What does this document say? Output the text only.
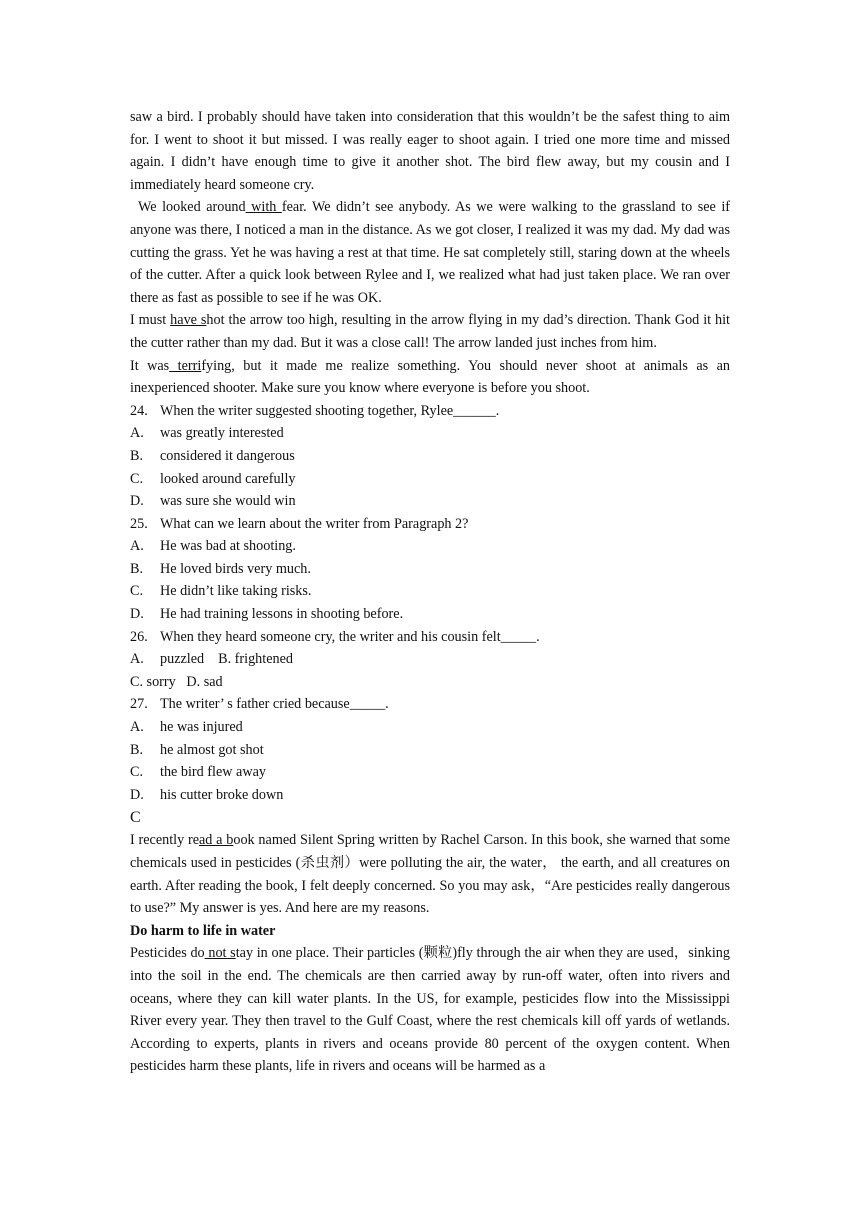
saw a bird. I probably should have taken into consideration that this wouldn’t be the safest thing to aim for. I went to shoot it but missed. I was really eager to shoot again. I tried one more time and missed again. I didn’t have enough time to give it another shot. The bird flew away, but my cousin and I immediately heard someone cry.

We looked around with fear. We didn’t see anybody. As we were walking to the grassland to see if anyone was there, I noticed a man in the distance. As we got closer, I realized it was my dad. My dad was cutting the grass. Yet he was having a rest at that time. He sat completely still, staring down at the wheels of the cutter. After a quick look between Rylee and I, we realized what had just taken place. We ran over there as fast as possible to see if he was OK.

I must have shot the arrow too high, resulting in the arrow flying in my dad’s direction. Thank God it hit the cutter rather than my dad. But it was a close call! The arrow landed just inches from him.

It was terrifying, but it made me realize something. You should never shoot at animals as an inexperienced shooter. Make sure you know where everyone is before you shoot.

24. When the writer suggested shooting together, Rylee______.
A.	was greatly interested
B.	considered it dangerous
C.	looked around carefully
D.	was sure she would win
25. What can we learn about the writer from Paragraph 2?
A.	He was bad at shooting.
B.	He loved birds very much.
C.	He didn’t like taking risks.
D.	He had training lessons in shooting before.
26. When they heard someone cry, the writer and his cousin felt_____.
A.	puzzled B. frightened

C. sorry   D. sad

27. The writer’ s father cried because_____.
A.	he was injured
B.	he almost got shot
C.	the bird flew away
D.	his cutter broke down

C

I recently read a book named Silent Spring written by Rachel Carson. In this book, she warned that some chemicals used in pesticides (杀虫剂）were polluting the air, the water， the earth, and all creatures on earth. After reading the book, I felt deeply concerned. So you may ask，“Are pesticides really dangerous to use?” My answer is yes. And here are my reasons.

Do harm to life in water

Pesticides do not stay in one place. Their particles (颗粒)fly through the air when they are used，sinking into the soil in the end. The chemicals are then carried away by run-off water, often into rivers and oceans, where they can kill water plants. In the US, for example, pesticides flow into the Mississippi River every year. They then travel to the Gulf Coast, where the rest chemicals kill off yards of wetlands. According to experts, plants in rivers and oceans provide 80 percent of the oxygen content. When pesticides harm these plants, life in rivers and oceans will be harmed as a
